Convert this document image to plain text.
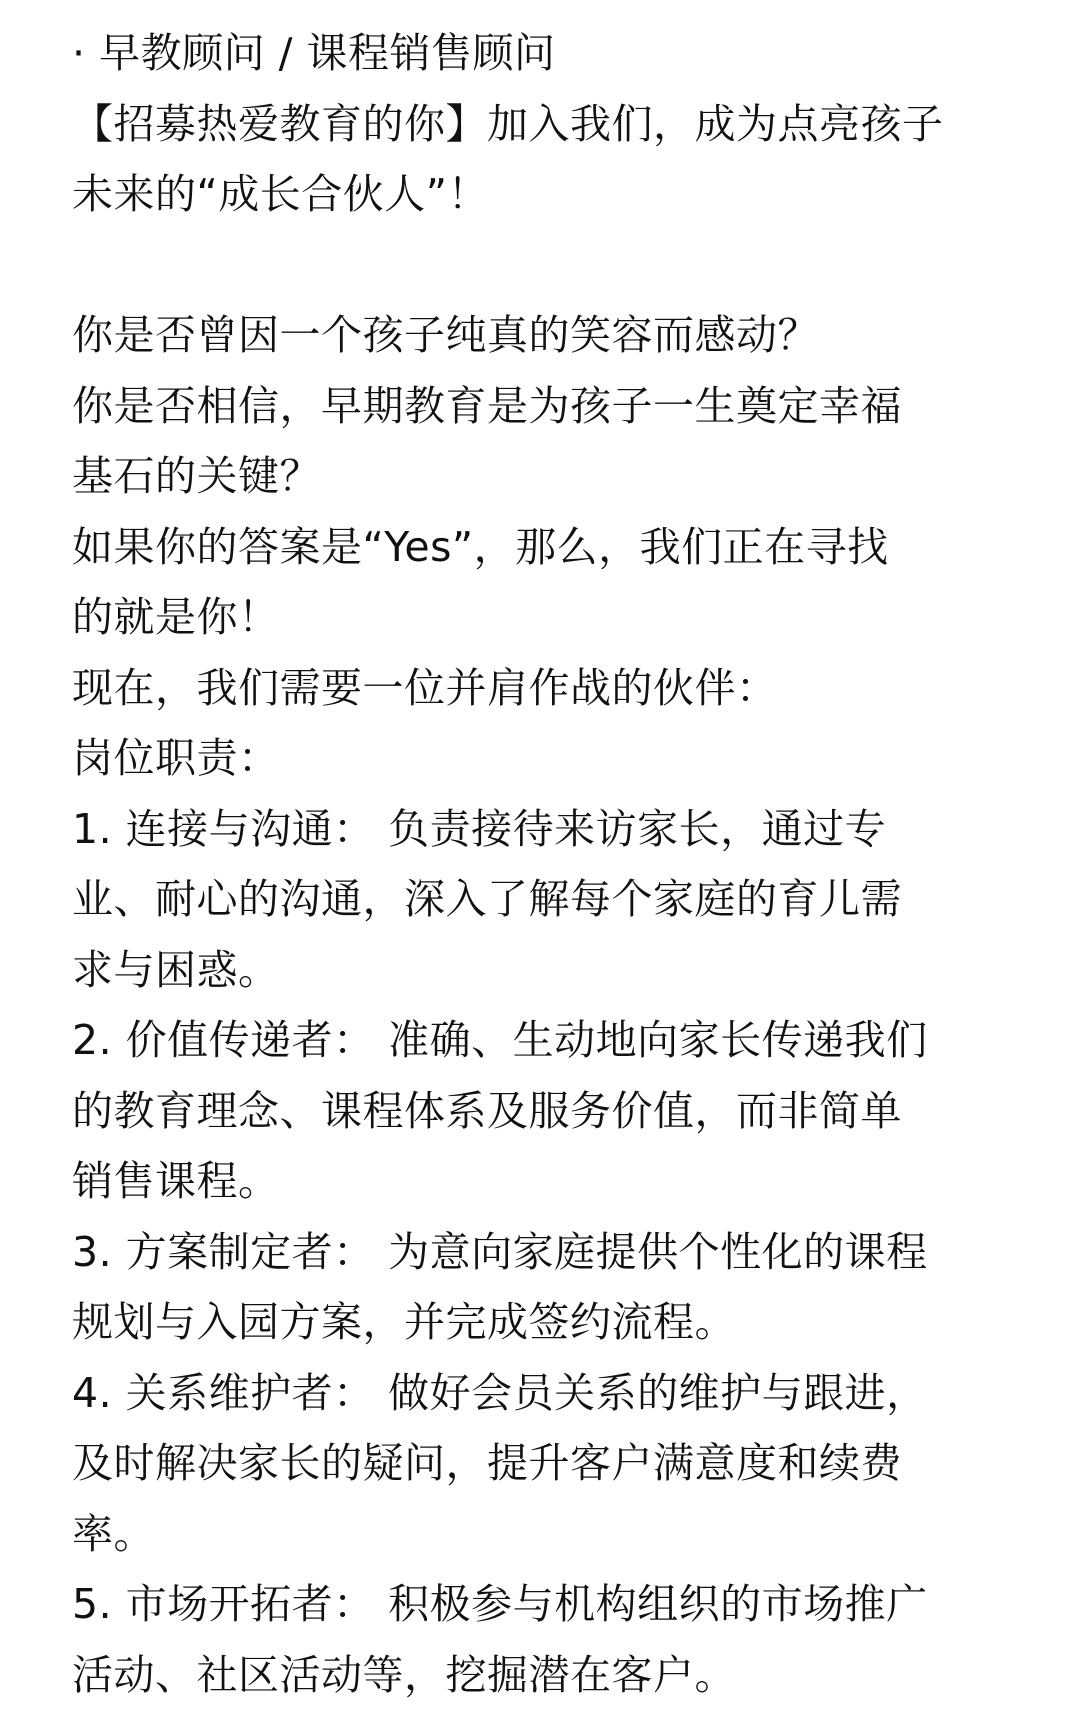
· 早教顾问 / 课程销售顾问
【招募热爱教育的你】加入我们，成为点亮孩子
未来的“成长合伙人”！
你是否曾因一个孩子纯真的笑容而感动？
你是否相信，早期教育是为孩子一生奠定幸福
基石的关键？
如果你的答案是“Yes”，那么，我们正在寻找
的就是你！
现在，我们需要一位并肩作战的伙伴：
岗位职责：
1. 连接与沟通： 负责接待来访家长，通过专
业、耐心的沟通，深入了解每个家庭的育儿需
求与困惑。
2. 价值传递者： 准确、生动地向家长传递我们
的教育理念、课程体系及服务价值，而非简单
销售课程。
3. 方案制定者： 为意向家庭提供个性化的课程
规划与入园方案，并完成签约流程。
4. 关系维护者： 做好会员关系的维护与跟进，
及时解决家长的疑问，提升客户满意度和续费
率。
5. 市场开拓者： 积极参与机构组织的市场推广
活动、社区活动等，挖掘潜在客户。
